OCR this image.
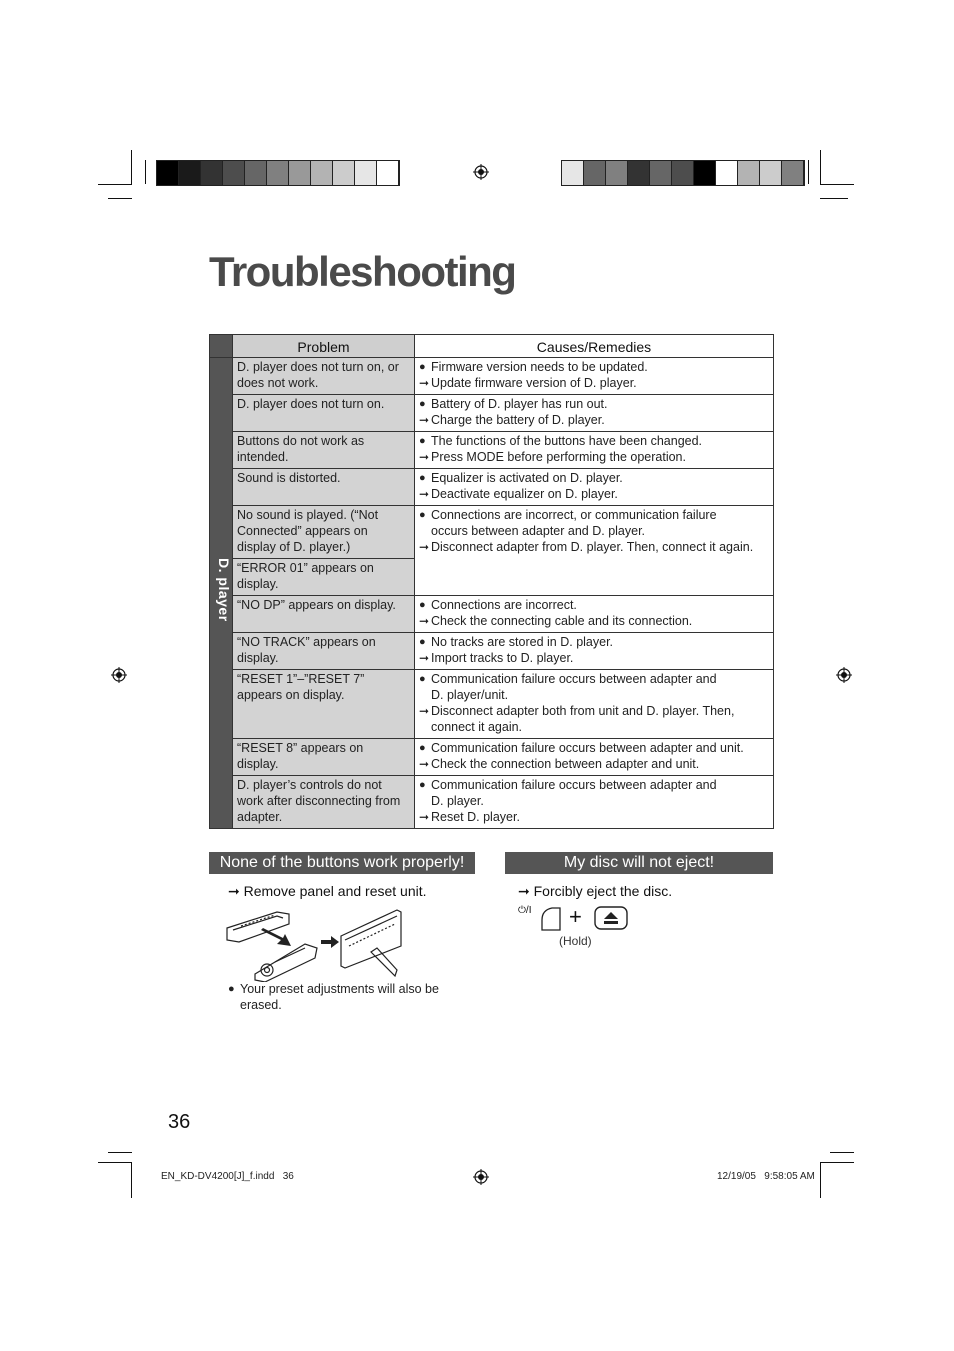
Troubleshooting
	Problem	Causes/Remedies

D. player	D. player does not turn on, or
does not work.	● Firmware version needs to be updated.
➞ Update firmware version of D. player.

	D. player does not turn on.	● Battery of D. player has run out.
➞ Charge the battery of D. player.

	Buttons do not work as
intended.	● The functions of the buttons have been changed.
➞ Press MODE before performing the operation.

	Sound is distorted.	● Equalizer is activated on D. player.
➞ Deactivate equalizer on D. player.

	No sound is played. (“Not
Connected” appears on
display of D. player.)	● Connections are incorrect, or communication failure
occurs between adapter and D. player.
➞ Disconnect adapter from D. player. Then, connect it again.

	“ERROR 01” appears on
display.	

	“NO DP” appears on display.	● Connections are incorrect.
➞ Check the connecting cable and its connection.

	“NO TRACK” appears on
display.	● No tracks are stored in D. player.
➞ Import tracks to D. player.

	“RESET 1”–”RESET 7”
appears on display.	● Communication failure occurs between adapter and
D. player/unit.
➞ Disconnect adapter both from unit and D. player. Then,
connect it again.

	“RESET 8” appears on
display.	● Communication failure occurs between adapter and unit.
➞ Check the connection between adapter and unit.

	D. player’s controls do not
work after disconnecting from
adapter.	● Communication failure occurs between adapter and
D. player.
➞ Reset D. player.
None of the buttons work properly!
➞ Remove panel and reset unit.
● Your preset adjustments will also be
erased.
My disc will not eject!
➞ Forcibly eject the disc.
⏻/I +
(Hold)
36
EN_KD-DV4200[J]_f.indd   36	12/19/05   9:58:05 AM
